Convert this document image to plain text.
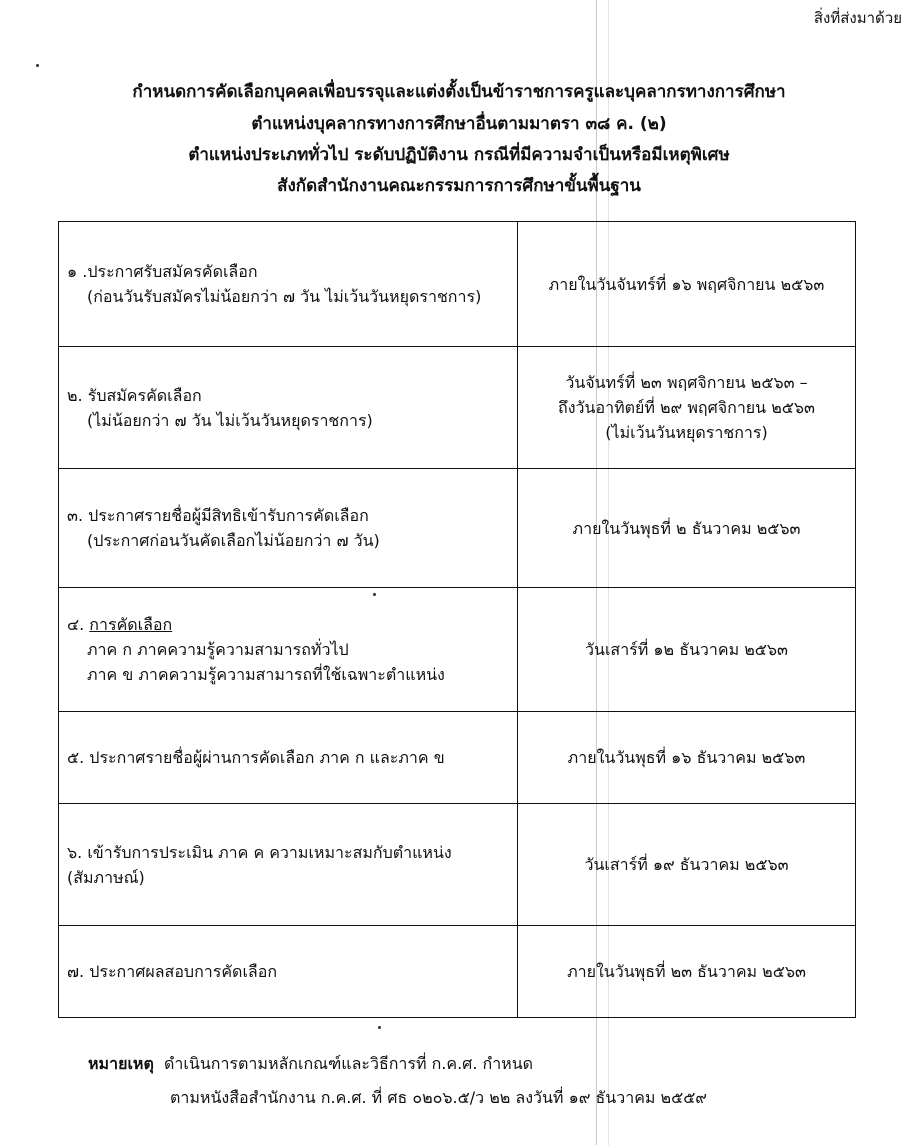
สิ่งที่ส่งมาด้วย
กำหนดการคัดเลือกบุคคลเพื่อบรรจุและแต่งตั้งเป็นข้าราชการครูและบุคลากรทางการศึกษา
ตำแหน่งบุคลากรทางการศึกษาอื่นตามมาตรา ๓๘ ค. (๒)
ตำแหน่งประเภททั่วไป ระดับปฏิบัติงาน กรณีที่มีความจำเป็นหรือมีเหตุพิเศษ
สังกัดสำนักงานคณะกรรมการการศึกษาขั้นพื้นฐาน
๑ .ประกาศรับสมัครคัดเลือก
(ก่อนวันรับสมัครไม่น้อยกว่า ๗ วัน ไม่เว้นวันหยุดราชการ)	ภายในวันจันทร์ที่ ๑๖ พฤศจิกายน ๒๕๖๓

๒. รับสมัครคัดเลือก
(ไม่น้อยกว่า ๗ วัน ไม่เว้นวันหยุดราชการ)	วันจันทร์ที่ ๒๓ พฤศจิกายน ๒๕๖๓ –
ถึงวันอาทิตย์ที่ ๒๙ พฤศจิกายน ๒๕๖๓
(ไม่เว้นวันหยุดราชการ)

๓. ประกาศรายชื่อผู้มีสิทธิเข้ารับการคัดเลือก
(ประกาศก่อนวันคัดเลือกไม่น้อยกว่า ๗ วัน)	ภายในวันพุธที่ ๒ ธันวาคม ๒๕๖๓

๔. การคัดเลือก
ภาค ก ภาคความรู้ความสามารถทั่วไป
ภาค ข ภาคความรู้ความสามารถที่ใช้เฉพาะตำแหน่ง	วันเสาร์ที่ ๑๒ ธันวาคม ๒๕๖๓

๕. ประกาศรายชื่อผู้ผ่านการคัดเลือก ภาค ก และภาค ข	ภายในวันพุธที่ ๑๖ ธันวาคม ๒๕๖๓

๖. เข้ารับการประเมิน ภาค ค ความเหมาะสมกับตำแหน่ง
(สัมภาษณ์)	วันเสาร์ที่ ๑๙ ธันวาคม ๒๕๖๓

๗. ประกาศผลสอบการคัดเลือก	ภายในวันพุธที่ ๒๓ ธันวาคม ๒๕๖๓
หมายเหตุ ดำเนินการตามหลักเกณฑ์และวิธีการที่ ก.ค.ศ. กำหนด
ตามหนังสือสำนักงาน ก.ค.ศ. ที่ ศธ ๐๒๐๖.๕/ว ๒๒ ลงวันที่ ๑๙ ธันวาคม ๒๕๕๙
